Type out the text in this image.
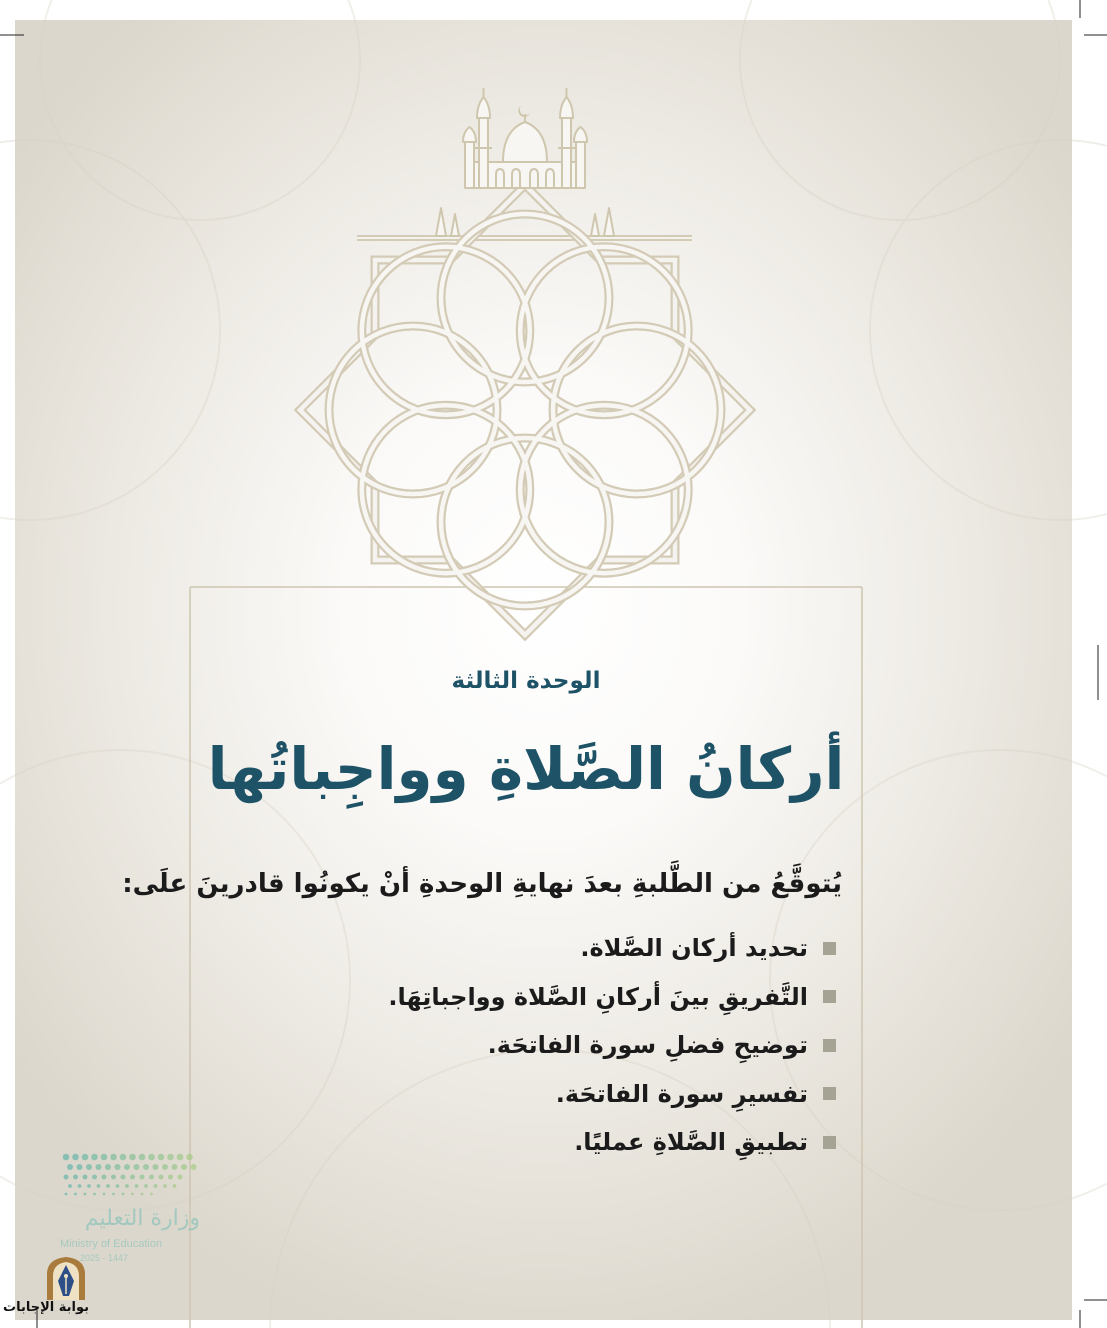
الوحدة الثالثة
أركانُ الصَّلاةِ وواجِباتُها
يُتوقَّعُ من الطَّلبةِ بعدَ نهايةِ الوحدةِ أنْ يكونُوا قادرينَ علَى:
تحديد أركان الصَّلاة.
التَّفريقِ بينَ أركانِ الصَّلاة وواجباتِهَا.
توضيحِ فضلِ سورة الفاتحَة.
تفسيرِ سورة الفاتحَة.
تطبيقِ الصَّلاةِ عمليًا.
وزارة التعليم
Ministry of Education
2025 - 1447
بوابة الإجابات
